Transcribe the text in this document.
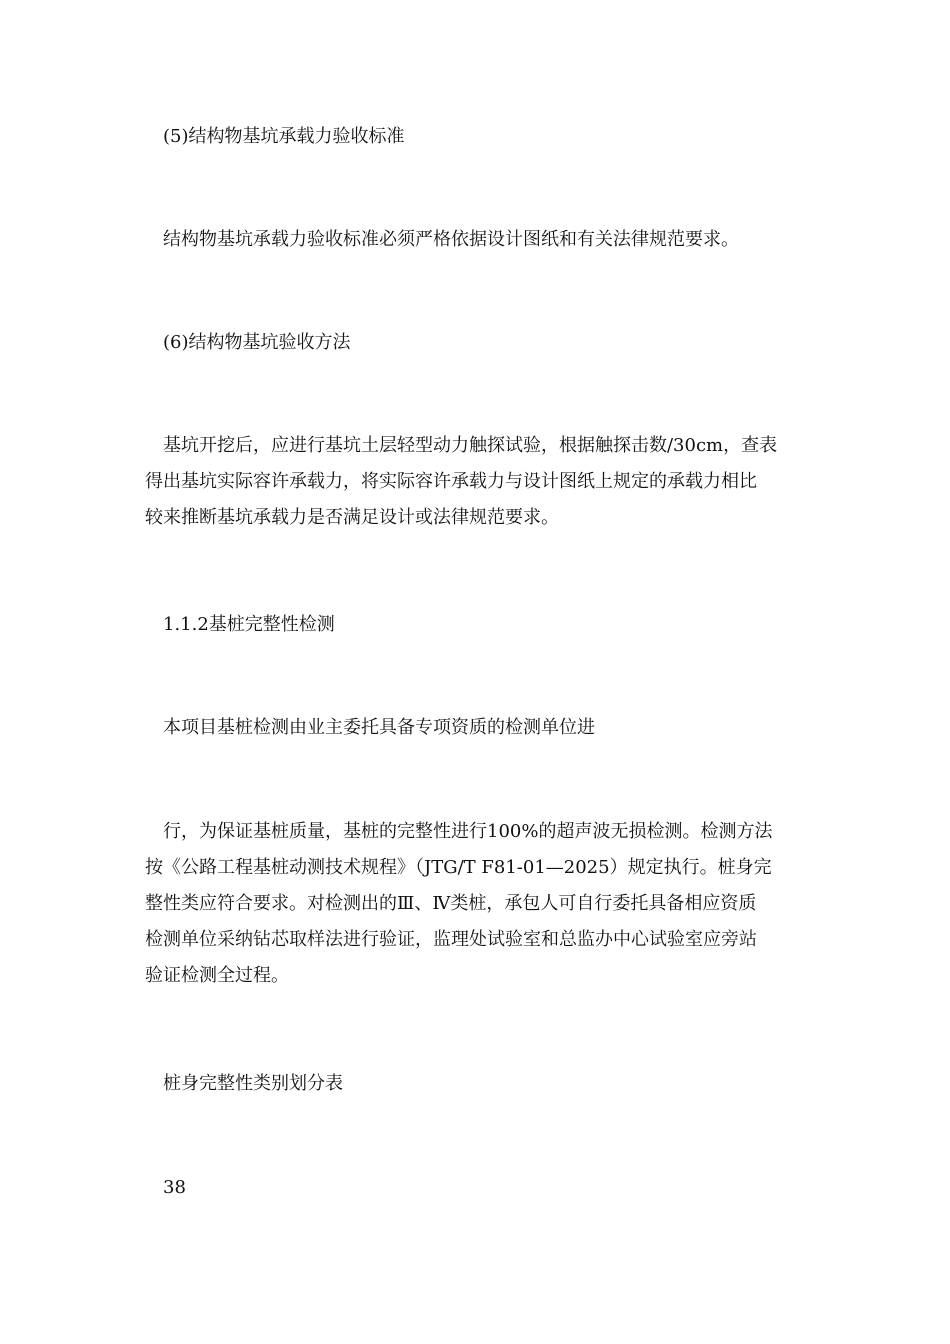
(5)结构物基坑承载力验收标准

结构物基坑承载力验收标准必须严格依据设计图纸和有关法律规范要求。

(6)结构物基坑验收方法

基坑开挖后，应进行基坑土层轻型动力触探试验，根据触探击数/30cm，查表
得出基坑实际容许承载力，将实际容许承载力与设计图纸上规定的承载力相比
较来推断基坑承载力是否满足设计或法律规范要求。

1.1.2基桩完整性检测

本项目基桩检测由业主委托具备专项资质的检测单位进

行，为保证基桩质量，基桩的完整性进行100%的超声波无损检测。检测方法
按《公路工程基桩动测技术规程》（JTG/T F81-01—2025）规定执行。桩身完
整性类应符合要求。对检测出的Ⅲ、Ⅳ类桩，承包人可自行委托具备相应资质
检测单位采纳钻芯取样法进行验证，监理处试验室和总监办中心试验室应旁站
验证检测全过程。

桩身完整性类别划分表

38
